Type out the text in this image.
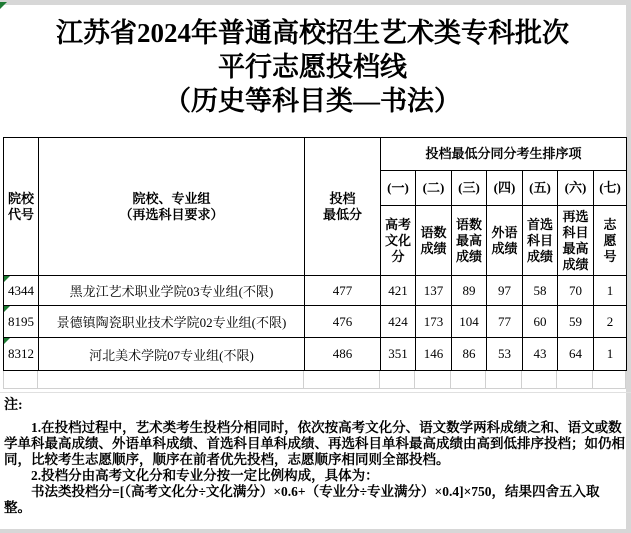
江苏省2024年普通高校招生艺术类专科批次
平行志愿投档线
（历史等科目类—书法）
院校代号	
院校、专业组
（再选科目要求）

投档
最低分
	投档最低分同分考生排序项
			(一)	(二)	(三)	(四)	(五)	(六)	(七)
			高考文化分	语数成绩	语数最高成绩	外语成绩	首选科目成绩	再选科目最高成绩	志愿号

4344	黑龙江艺术职业学院03专业组(不限)	477	421	137	89	97	58	70	1

8195	景德镇陶瓷职业技术学院02专业组(不限)	476	424	173	104	77	60	59	2

8312	河北美术学院07专业组(不限)	486	351	146	86	53	43	64	1
注:

1.在投档过程中，艺术类考生投档分相同时，依次按高考文化分、语文数学两科成绩之和、语文或数学单科最高成绩、外语单科成绩、首选科目单科成绩、再选科目单科最高成绩由高到低排序投档；如仍相同，比较考生志愿顺序，顺序在前者优先投档，志愿顺序相同则全部投档。

2.投档分由高考文化分和专业分按一定比例构成，具体为：

书法类投档分=[（高考文化分÷文化满分）×0.6+（专业分÷专业满分）×0.4]×750，结果四舍五入取整。
